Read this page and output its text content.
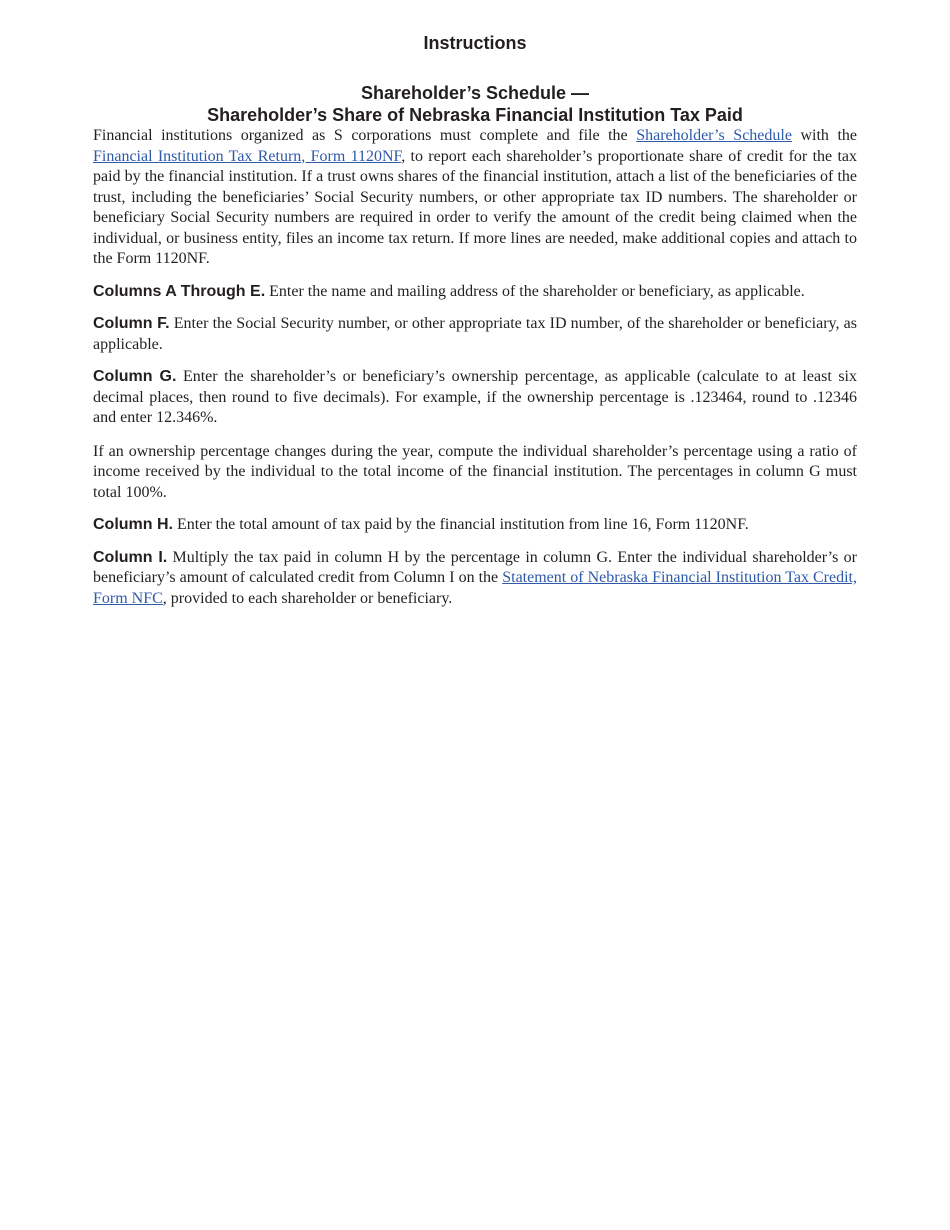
Instructions
Shareholder’s Schedule —
Shareholder’s Share of Nebraska Financial Institution Tax Paid

Financial institutions organized as S corporations must complete and file the Shareholder’s Schedule with the Financial Institution Tax Return, Form 1120NF, to report each shareholder’s proportionate share of credit for the tax paid by the financial institution. If a trust owns shares of the financial institution, attach a list of the beneficiaries of the trust, including the beneficiaries’ Social Security numbers, or other appropriate tax ID numbers. The shareholder or beneficiary Social Security numbers are required in order to verify the amount of the credit being claimed when the individual, or business entity, files an income tax return. If more lines are needed, make additional copies and attach to the Form 1120NF.

Columns A Through E. Enter the name and mailing address of the shareholder or beneficiary, as applicable.

Column F. Enter the Social Security number, or other appropriate tax ID number, of the shareholder or beneficiary, as applicable.

Column G. Enter the shareholder’s or beneficiary’s ownership percentage, as applicable (calculate to at least six decimal places, then round to five decimals). For example, if the ownership percentage is .123464, round to .12346 and enter 12.346%.

If an ownership percentage changes during the year, compute the individual shareholder’s percentage using a ratio of income received by the individual to the total income of the financial institution. The percentages in column G must total 100%.

Column H. Enter the total amount of tax paid by the financial institution from line 16, Form 1120NF.

Column I. Multiply the tax paid in column H by the percentage in column G. Enter the individual shareholder’s or beneficiary’s amount of calculated credit from Column I on the Statement of Nebraska Financial Institution Tax Credit, Form NFC, provided to each shareholder or beneficiary.
